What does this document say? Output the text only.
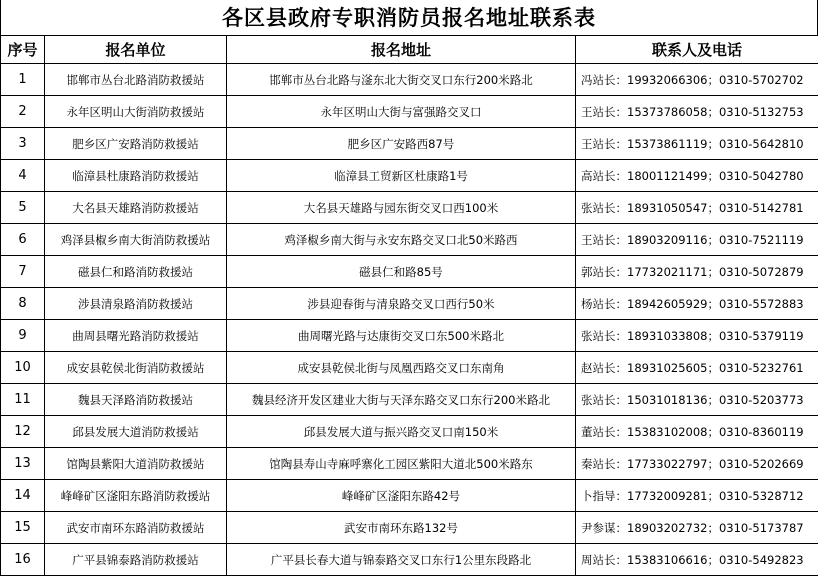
各区县政府专职消防员报名地址联系表
序号	报名单位	报名地址	联系人及电话
1	邯郸市丛台北路消防救援站	邯郸市丛台北路与滏东北大街交叉口东行200米路北	冯站长：19932066306；0310-5702702
2	永年区明山大街消防救援站	永年区明山大街与富强路交叉口	王站长：15373786058；0310-5132753
3	肥乡区广安路消防救援站	肥乡区广安路西87号	王站长：15373861119；0310-5642810
4	临漳县杜康路消防救援站	临漳县工贸新区杜康路1号	高站长：18001121499；0310-5042780
5	大名县天雄路消防救援站	大名县天雄路与园东街交叉口西100米	张站长：18931050547；0310-5142781
6	鸡泽县椒乡南大街消防救援站	鸡泽椒乡南大街与永安东路交叉口北50米路西	王站长：18903209116；0310-7521119
7	磁县仁和路消防救援站	磁县仁和路85号	郭站长：17732021171；0310-5072879
8	涉县清泉路消防救援站	涉县迎春街与清泉路交叉口西行50米	杨站长：18942605929；0310-5572883
9	曲周县曙光路消防救援站	曲周曙光路与达康街交叉口东500米路北	张站长：18931033808；0310-5379119
10	成安县乾侯北街消防救援站	成安县乾侯北街与凤凰西路交叉口东南角	赵站长：18931025605；0310-5232761
11	魏县天泽路消防救援站	魏县经济开发区建业大街与天泽东路交叉口东行200米路北	张站长：15031018136；0310-5203773
12	邱县发展大道消防救援站	邱县发展大道与振兴路交叉口南150米	董站长：15383102008；0310-8360119
13	馆陶县紫阳大道消防救援站	馆陶县寿山寺麻呼寨化工园区紫阳大道北500米路东	秦站长：17733022797；0310-5202669
14	峰峰矿区滏阳东路消防救援站	峰峰矿区滏阳东路42号	卜指导：17732009281；0310-5328712
15	武安市南环东路消防救援站	武安市南环东路132号	尹参谋：18903202732；0310-5173787
16	广平县锦泰路消防救援站	广平县长春大道与锦泰路交叉口东行1公里东段路北	周站长：15383106616；0310-5492823
